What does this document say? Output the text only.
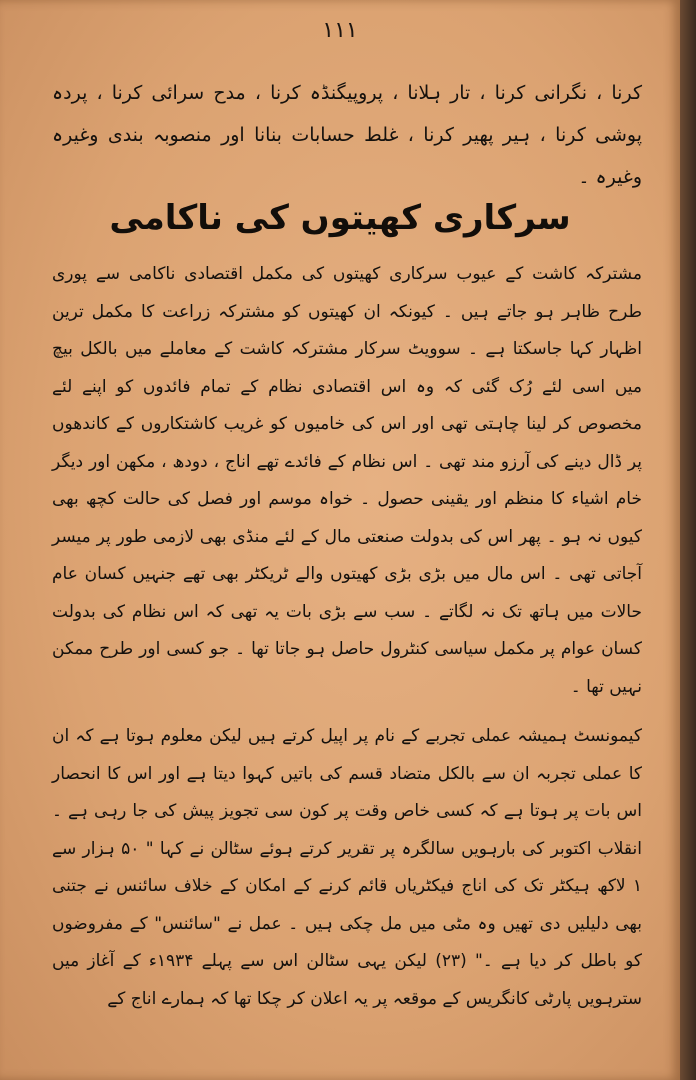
١١١

کرنا ، نگرانی کرنا ، تار ہلانا ، پروپیگنڈہ کرنا ، مدح سرائی کرنا ، پردہ پوشی کرنا ، ہیر پھیر کرنا ، غلط حسابات بنانا اور منصوبہ بندی وغیرہ وغیرہ ۔

سرکاری کھیتوں کی ناکامی

مشترکہ کاشت کے عیوب سرکاری کھیتوں کی مکمل اقتصادی ناکامی سے پوری طرح ظاہر ہو جاتے ہیں ۔ کیونکہ ان کھیتوں کو مشترکہ زراعت کا مکمل ترین اظہار کہا جاسکتا ہے ۔ سوویٹ سرکار مشترکہ کاشت کے معاملے میں بالکل بیچ میں اسی لئے رُک گئی کہ وہ اس اقتصادی نظام کے تمام فائدوں کو اپنے لئے مخصوص کر لینا چاہتی تھی اور اس کی خامیوں کو غریب کاشتکاروں کے کاندھوں پر ڈال دینے کی آرزو مند تھی ۔ اس نظام کے فائدے تھے اناج ، دودھ ، مکھن اور دیگر خام اشیاء کا منظم اور یقینی حصول ۔ خواہ موسم اور فصل کی حالت کچھ بھی کیوں نہ ہو ۔ پھر اس کی بدولت صنعتی مال کے لئے منڈی بھی لازمی طور پر میسر آجاتی تھی ۔ اس مال میں بڑی بڑی کھیتوں والے ٹریکٹر بھی تھے جنہیں کسان عام حالات میں ہاتھ تک نہ لگاتے ۔ سب سے بڑی بات یہ تھی کہ اس نظام کی بدولت کسان عوام پر مکمل سیاسی کنٹرول حاصل ہو جاتا تھا ۔ جو کسی اور طرح ممکن نہیں تھا ۔

کیمونسٹ ہمیشہ عملی تجربے کے نام پر اپیل کرتے ہیں لیکن معلوم ہوتا ہے کہ ان کا عملی تجربہ ان سے بالکل متضاد قسم کی باتیں کہوا دیتا ہے اور اس کا انحصار اس بات پر ہوتا ہے کہ کسی خاص وقت پر کون سی تجویز پیش کی جا رہی ہے ۔ انقلاب اکتوبر کی بارہویں سالگرہ پر تقریر کرتے ہوئے سٹالن نے کہا " ۵۰ ہزار سے ۱ لاکھ ہیکٹر تک کی اناج فیکٹریاں قائم کرنے کے امکان کے خلاف سائنس نے جتنی بھی دلیلیں دی تھیں وہ مٹی میں مل چکی ہیں ۔ عمل نے "سائنس" کے مفروضوں کو باطل کر دیا ہے ۔" (۲۳) لیکن یہی سٹالن اس سے پہلے ۱۹۳۴ء کے آغاز میں سترہویں پارٹی کانگریس کے موقعہ پر یہ اعلان کر چکا تھا کہ ہمارے اناج کے
